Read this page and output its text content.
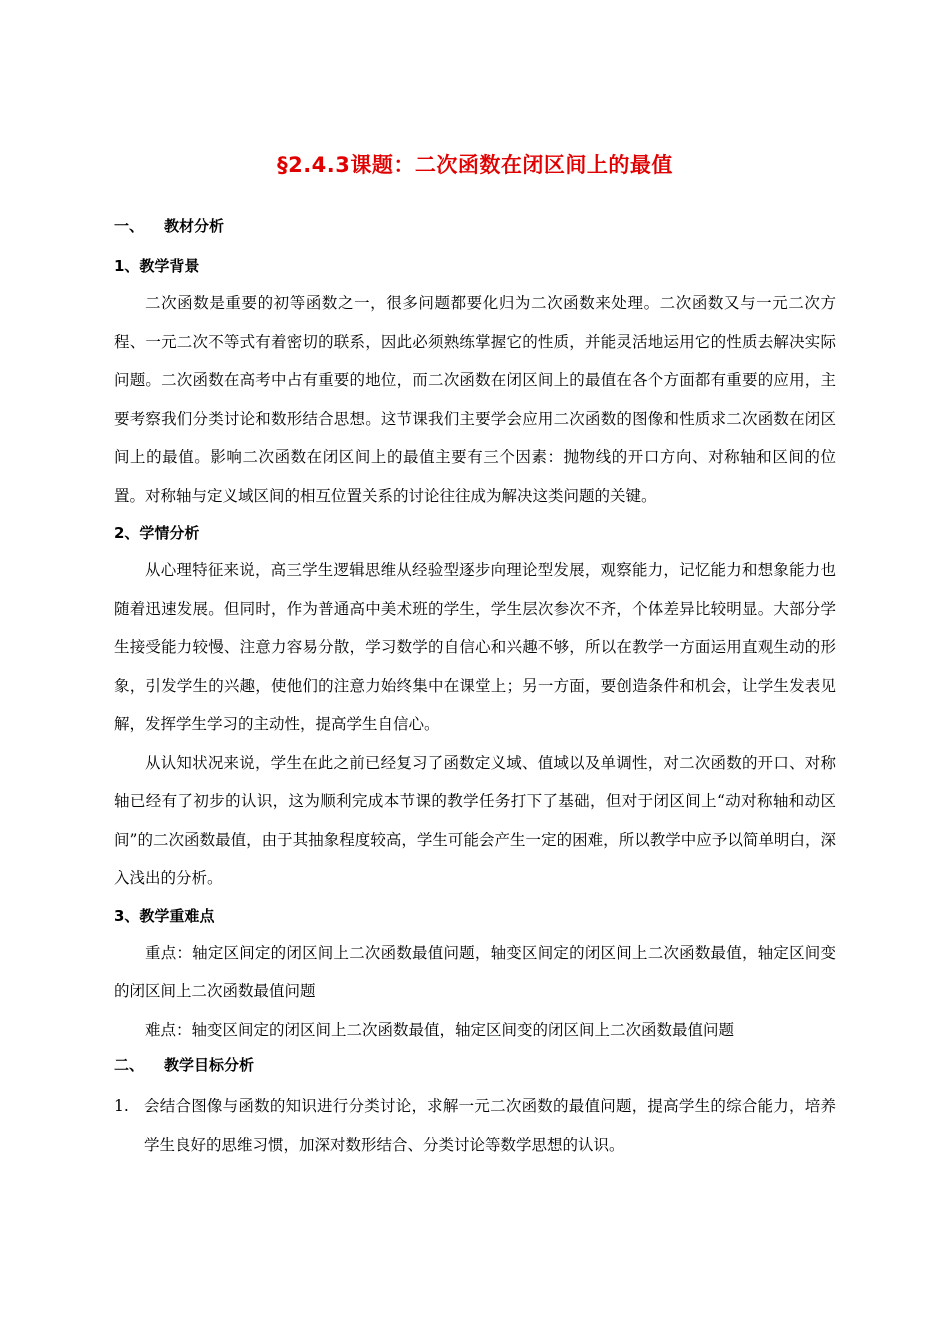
§2.4.3课题：二次函数在闭区间上的最值
一、 教材分析
1、教学背景

二次函数是重要的初等函数之一，很多问题都要化归为二次函数来处理。二次函数又与一元二次方程、一元二次不等式有着密切的联系，因此必须熟练掌握它的性质，并能灵活地运用它的性质去解决实际问题。二次函数在高考中占有重要的地位，而二次函数在闭区间上的最值在各个方面都有重要的应用，主要考察我们分类讨论和数形结合思想。这节课我们主要学会应用二次函数的图像和性质求二次函数在闭区间上的最值。影响二次函数在闭区间上的最值主要有三个因素：抛物线的开口方向、对称轴和区间的位置。对称轴与定义域区间的相互位置关系的讨论往往成为解决这类问题的关键。

2、学情分析

从心理特征来说，高三学生逻辑思维从经验型逐步向理论型发展，观察能力，记忆能力和想象能力也随着迅速发展。但同时，作为普通高中美术班的学生，学生层次参次不齐，个体差异比较明显。大部分学生接受能力较慢、注意力容易分散，学习数学的自信心和兴趣不够，所以在教学一方面运用直观生动的形象，引发学生的兴趣，使他们的注意力始终集中在课堂上；另一方面，要创造条件和机会，让学生发表见解，发挥学生学习的主动性，提高学生自信心。

从认知状况来说，学生在此之前已经复习了函数定义域、值域以及单调性，对二次函数的开口、对称轴已经有了初步的认识，这为顺利完成本节课的教学任务打下了基础，但对于闭区间上“动对称轴和动区间”的二次函数最值，由于其抽象程度较高，学生可能会产生一定的困难，所以教学中应予以简单明白，深入浅出的分析。

3、教学重难点

重点：轴定区间定的闭区间上二次函数最值问题，轴变区间定的闭区间上二次函数最值，轴定区间变的闭区间上二次函数最值问题

难点：轴变区间定的闭区间上二次函数最值，轴定区间变的闭区间上二次函数最值问题

二、 教学目标分析
1. 会结合图像与函数的知识进行分类讨论，求解一元二次函数的最值问题，提高学生的综合能力，培养学生良好的思维习惯，加深对数形结合、分类讨论等数学思想的认识。
